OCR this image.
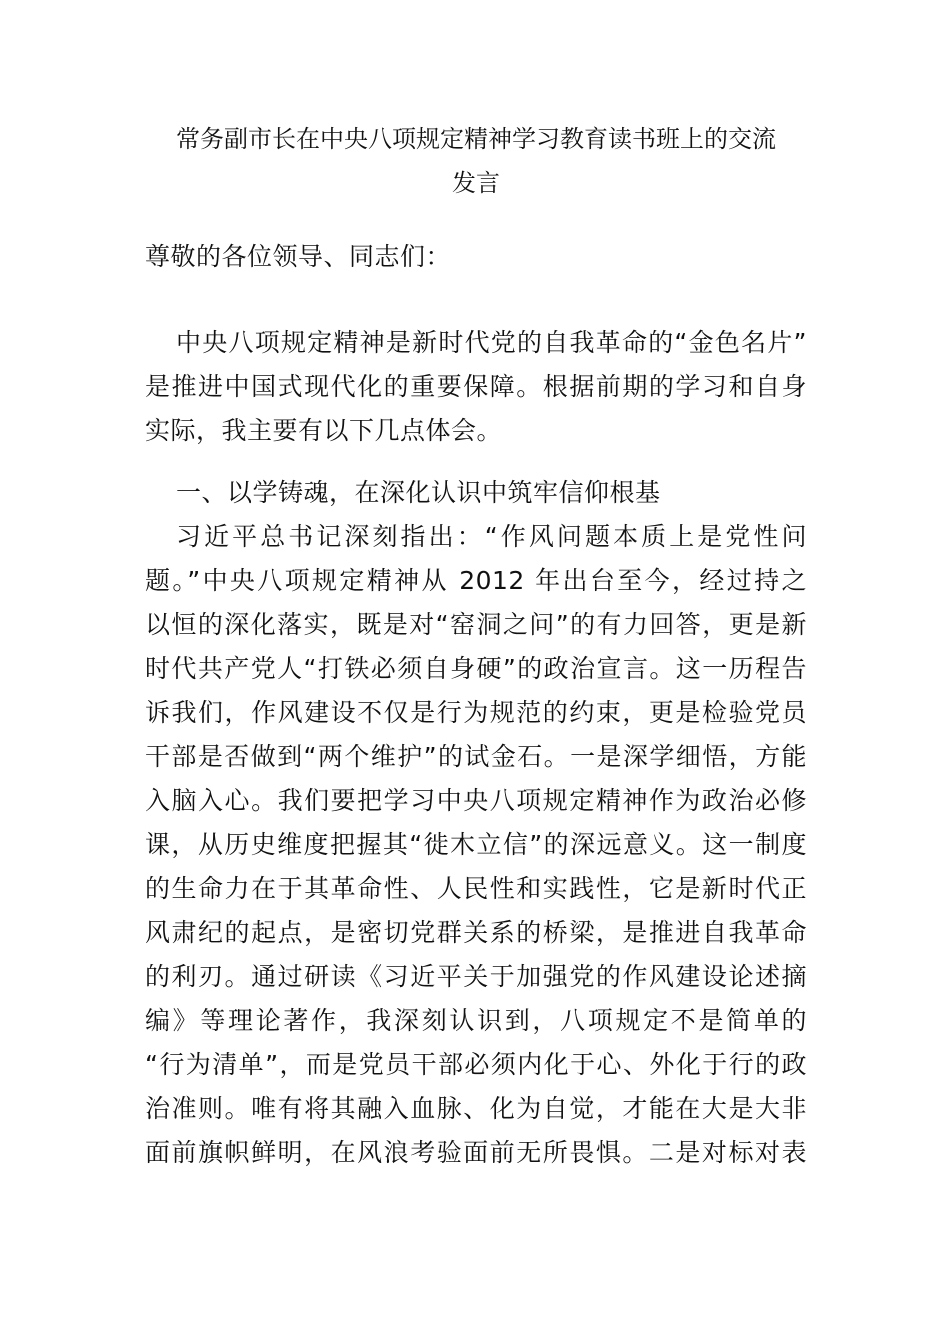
常务副市长在中央八项规定精神学习教育读书班上的交流
发言
尊敬的各位领导、同志们：
中央八项规定精神是新时代党的自我革命的“金色名片”
是推进中国式现代化的重要保障。根据前期的学习和自身
实际，我主要有以下几点体会。
一、以学铸魂，在深化认识中筑牢信仰根基
习近平总书记深刻指出：“作风问题本质上是党性问
题。”中央八项规定精神从 2012 年出台至今，经过持之
以恒的深化落实，既是对“窑洞之问”的有力回答，更是新
时代共产党人“打铁必须自身硬”的政治宣言。这一历程告
诉我们，作风建设不仅是行为规范的约束，更是检验党员
干部是否做到“两个维护”的试金石。一是深学细悟，方能
入脑入心。我们要把学习中央八项规定精神作为政治必修
课，从历史维度把握其“徙木立信”的深远意义。这一制度
的生命力在于其革命性、人民性和实践性，它是新时代正
风肃纪的起点，是密切党群关系的桥梁，是推进自我革命
的利刃。通过研读《习近平关于加强党的作风建设论述摘
编》等理论著作，我深刻认识到，八项规定不是简单的
“行为清单”，而是党员干部必须内化于心、外化于行的政
治准则。唯有将其融入血脉、化为自觉，才能在大是大非
面前旗帜鲜明，在风浪考验面前无所畏惧。二是对标对表
